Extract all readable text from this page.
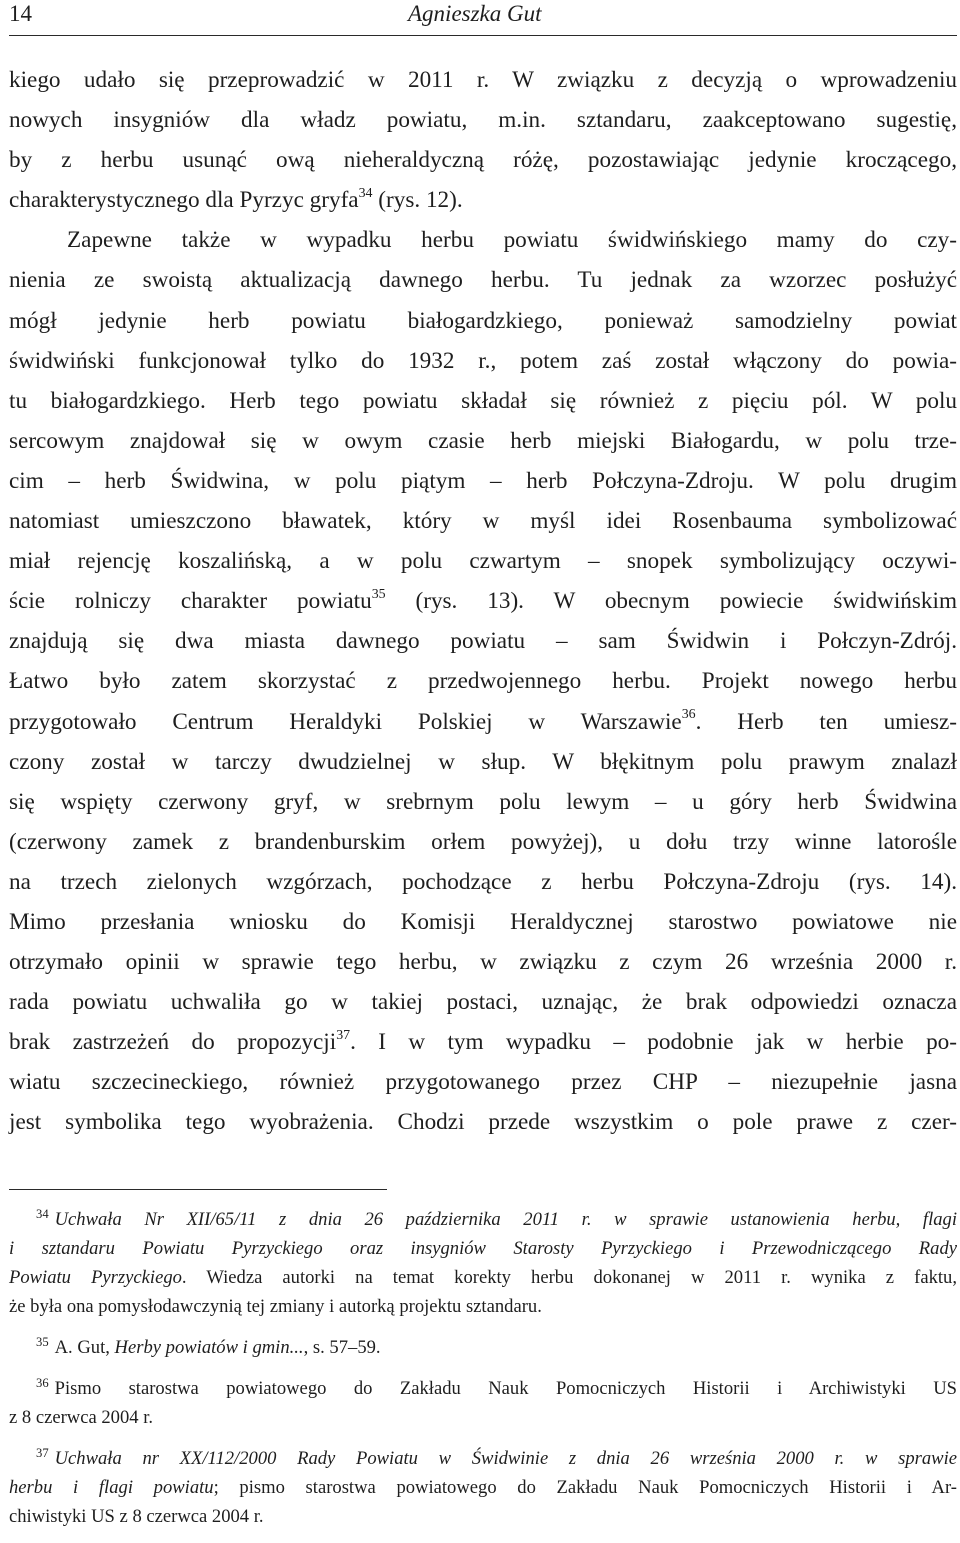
14	Agnieszka Gut

kiego udało się przeprowadzić w 2011 r. W związku z decyzją o wprowadzeniu
nowych insygniów dla władz powiatu, m.in. sztandaru, zaakceptowano sugestię,
by z herbu usunąć ową nieheraldyczną różę, pozostawiając jedynie kroczącego,
charakterystycznego dla Pyrzyc gryfa$^{34}$ (rys. 12).

Zapewne także w wypadku herbu powiatu świdwińskiego mamy do czy-
nienia ze swoistą aktualizacją dawnego herbu. Tu jednak za wzorzec posłużyć
mógł jedynie herb powiatu białogardzkiego, ponieważ samodzielny powiat
świdwiński funkcjonował tylko do 1932 r., potem zaś został włączony do powia-
tu białogardzkiego. Herb tego powiatu składał się również z pięciu pól. W polu
sercowym znajdował się w owym czasie herb miejski Białogardu, w polu trze-
cim – herb Świdwina, w polu piątym – herb Połczyna-Zdroju. W polu drugim
natomiast umieszczono bławatek, który w myśl idei Rosenbauma symbolizować
miał rejencję koszalińską, a w polu czwartym – snopek symbolizujący oczywi-
ście rolniczy charakter powiatu$^{35}$ (rys. 13). W obecnym powiecie świdwińskim
znajdują się dwa miasta dawnego powiatu – sam Świdwin i Połczyn-Zdrój.
Łatwo było zatem skorzystać z przedwojennego herbu. Projekt nowego herbu
przygotowało Centrum Heraldyki Polskiej w Warszawie$^{36}$. Herb ten umiesz-
czony został w tarczy dwudzielnej w słup. W błękitnym polu prawym znalazł
się wspięty czerwony gryf, w srebrnym polu lewym – u góry herb Świdwina
(czerwony zamek z brandenburskim orłem powyżej), u dołu trzy winne latorośle
na trzech zielonych wzgórzach, pochodzące z herbu Połczyna-Zdroju (rys. 14).
Mimo przesłania wniosku do Komisji Heraldycznej starostwo powiatowe nie
otrzymało opinii w sprawie tego herbu, w związku z czym 26 września 2000 r.
rada powiatu uchwaliła go w takiej postaci, uznając, że brak odpowiedzi oznacza
brak zastrzeżeń do propozycji$^{37}$. I w tym wypadku – podobnie jak w herbie po-
wiatu szczecineckiego, również przygotowanego przez CHP – niezupełnie jasna
jest symbolika tego wyobrażenia. Chodzi przede wszystkim o pole prawe z czer-

$^{34}$ Uchwała Nr XII/65/11 z dnia 26 października 2011 r. w sprawie ustanowienia herbu, flagi
i sztandaru Powiatu Pyrzyckiego oraz insygniów Starosty Pyrzyckiego i Przewodniczącego Rady
Powiatu Pyrzyckiego. Wiedza autorki na temat korekty herbu dokonanej w 2011 r. wynika z faktu,
że była ona pomysłodawczynią tej zmiany i autorką projektu sztandaru.
$^{35}$ A. Gut, Herby powiatów i gmin..., s. 57–59.
$^{36}$ Pismo starostwa powiatowego do Zakładu Nauk Pomocniczych Historii i Archiwistyki US
z 8 czerwca 2004 r.
$^{37}$ Uchwała nr XX/112/2000 Rady Powiatu w Świdwinie z dnia 26 września 2000 r. w sprawie
herbu i flagi powiatu; pismo starostwa powiatowego do Zakładu Nauk Pomocniczych Historii i Ar-
chiwistyki US z 8 czerwca 2004 r.
